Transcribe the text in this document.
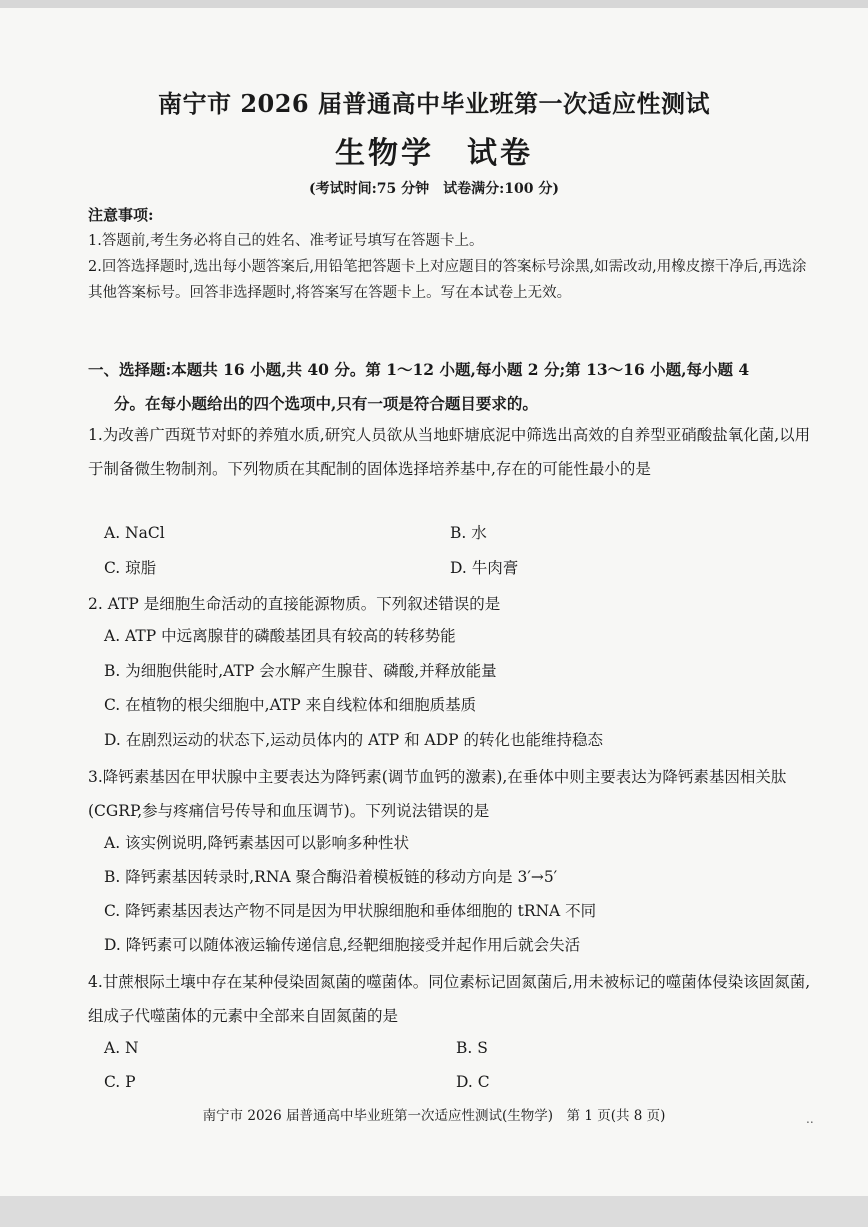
南宁市 2026 届普通高中毕业班第一次适应性测试
生物学　试卷
(考试时间:75 分钟　试卷满分:100 分)
注意事项:
1.答题前,考生务必将自己的姓名、准考证号填写在答题卡上。
2.回答选择题时,选出每小题答案后,用铅笔把答题卡上对应题目的答案标号涂黑,如需改动,用橡皮擦干净后,再选涂其他答案标号。回答非选择题时,将答案写在答题卡上。写在本试卷上无效。
一、选择题:本题共 16 小题,共 40 分。第 1～12 小题,每小题 2 分;第 13～16 小题,每小题 4
分。在每小题给出的四个选项中,只有一项是符合题目要求的。
1.为改善广西斑节对虾的养殖水质,研究人员欲从当地虾塘底泥中筛选出高效的自养型亚硝酸盐氧化菌,以用于制备微生物制剂。下列物质在其配制的固体选择培养基中,存在的可能性最小的是
A. NaCl	B. 水
C. 琼脂	D. 牛肉膏
2. ATP 是细胞生命活动的直接能源物质。下列叙述错误的是
A. ATP 中远离腺苷的磷酸基团具有较高的转移势能
B. 为细胞供能时,ATP 会水解产生腺苷、磷酸,并释放能量
C. 在植物的根尖细胞中,ATP 来自线粒体和细胞质基质
D. 在剧烈运动的状态下,运动员体内的 ATP 和 ADP 的转化也能维持稳态
3.降钙素基因在甲状腺中主要表达为降钙素(调节血钙的激素),在垂体中则主要表达为降钙素基因相关肽(CGRP,参与疼痛信号传导和血压调节)。下列说法错误的是
A. 该实例说明,降钙素基因可以影响多种性状
B. 降钙素基因转录时,RNA 聚合酶沿着模板链的移动方向是 3′→5′
C. 降钙素基因表达产物不同是因为甲状腺细胞和垂体细胞的 tRNA 不同
D. 降钙素可以随体液运输传递信息,经靶细胞接受并起作用后就会失活
4.甘蔗根际土壤中存在某种侵染固氮菌的噬菌体。同位素标记固氮菌后,用未被标记的噬菌体侵染该固氮菌,组成子代噬菌体的元素中全部来自固氮菌的是
A. N	B. S
C. P	D. C
南宁市 2026 届普通高中毕业班第一次适应性测试(生物学)　第 1 页(共 8 页)	..
